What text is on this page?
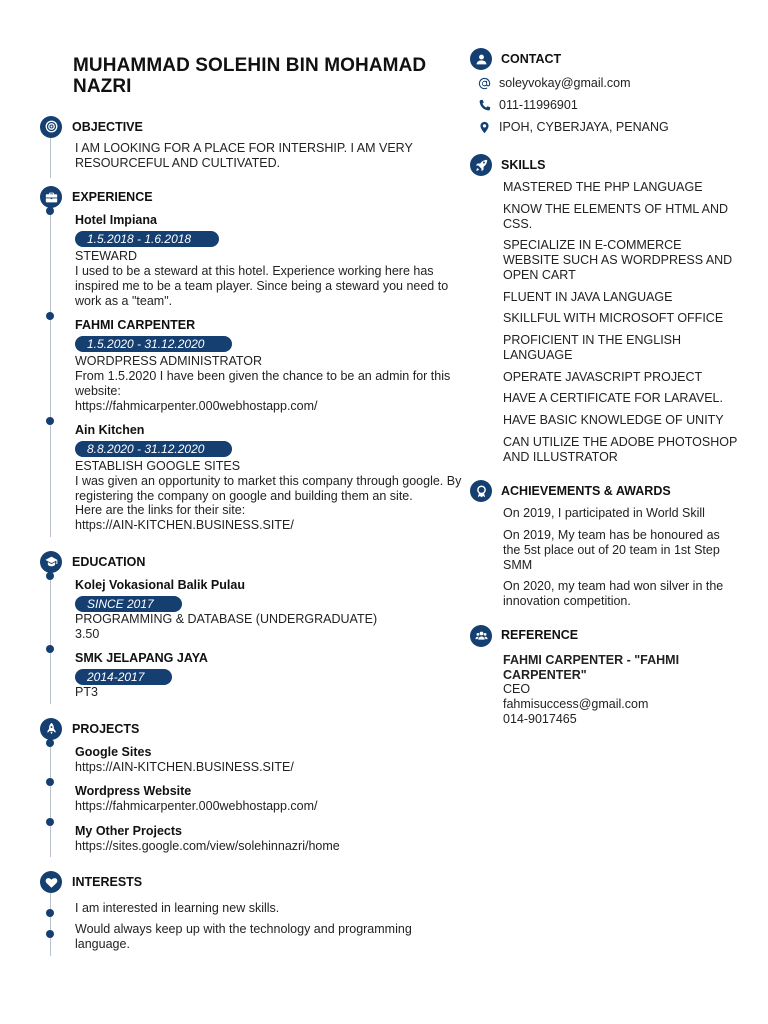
MUHAMMAD SOLEHIN BIN MOHAMAD NAZRI
OBJECTIVE
I AM LOOKING FOR A PLACE FOR INTERSHIP. I AM VERY RESOURCEFUL AND CULTIVATED.
EXPERIENCE
Hotel Impiana
1.5.2018 - 1.6.2018
STEWARD
I used to be a steward at this hotel. Experience working here has inspired me to be a team player. Since being a steward you need to work as a "team".
FAHMI CARPENTER
1.5.2020 - 31.12.2020
WORDPRESS ADMINISTRATOR
From 1.5.2020 I have been given the chance to be an admin for this website:
https://fahmicarpenter.000webhostapp.com/
Ain Kitchen
8.8.2020 - 31.12.2020
ESTABLISH GOOGLE SITES
I was given an opportunity to market this company through google. By registering the company on google and building them an site.
Here are the links for their site:
https://AIN-KITCHEN.BUSINESS.SITE/
EDUCATION
Kolej Vokasional Balik Pulau
SINCE 2017
PROGRAMMING & DATABASE (UNDERGRADUATE)
3.50
SMK JELAPANG JAYA
2014-2017
PT3
PROJECTS
Google Sites
https://AIN-KITCHEN.BUSINESS.SITE/
Wordpress Website
https://fahmicarpenter.000webhostapp.com/
My Other Projects
https://sites.google.com/view/solehinnazri/home
INTERESTS
I am interested in learning new skills.
Would always keep up with the technology and programming language.
CONTACT
soleyvokay@gmail.com
011-11996901
IPOH, CYBERJAYA, PENANG
SKILLS
MASTERED THE PHP LANGUAGE
KNOW THE ELEMENTS OF HTML AND CSS.
SPECIALIZE IN E-COMMERCE WEBSITE SUCH AS WORDPRESS AND OPEN CART
FLUENT IN JAVA LANGUAGE
SKILLFUL WITH MICROSOFT OFFICE
PROFICIENT IN THE ENGLISH LANGUAGE
OPERATE JAVASCRIPT PROJECT
HAVE A CERTIFICATE FOR LARAVEL.
HAVE BASIC KNOWLEDGE OF UNITY
CAN UTILIZE THE ADOBE PHOTOSHOP AND ILLUSTRATOR
ACHIEVEMENTS & AWARDS
On 2019, I participated in World Skill
On 2019, My team has be honoured as the 5st place out of 20 team in 1st Step SMM
On 2020, my team had won silver in the innovation competition.
REFERENCE
FAHMI CARPENTER - "FAHMI CARPENTER"
CEO
fahmisuccess@gmail.com
014-9017465
